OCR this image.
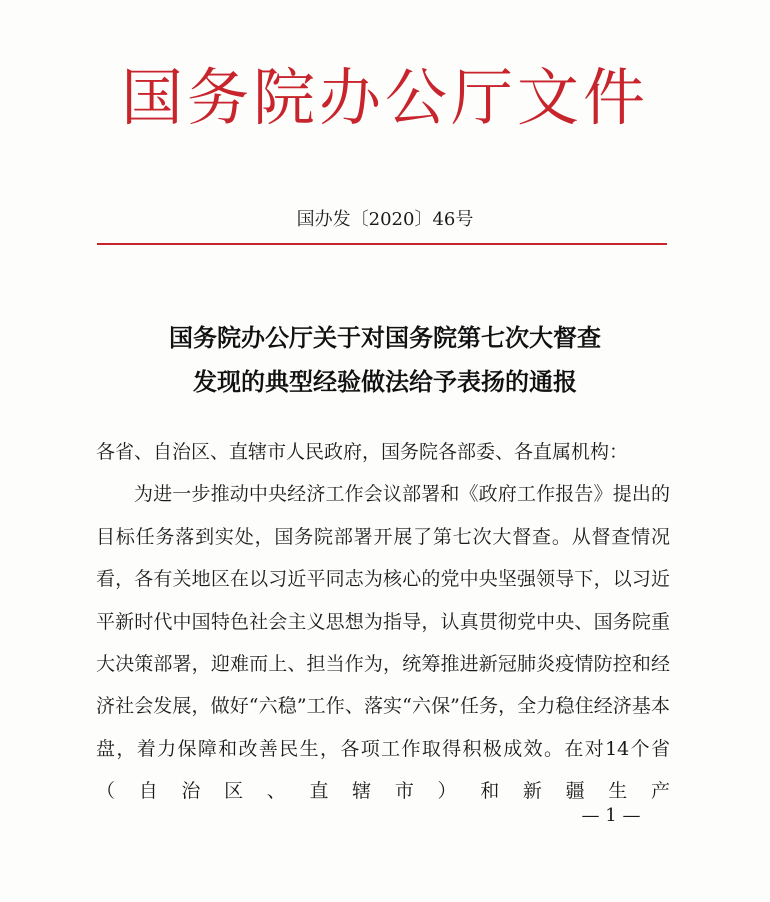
国务院办公厅文件
国办发〔2020〕46号
国务院办公厅关于对国务院第七次大督查
发现的典型经验做法给予表扬的通报

各省、自治区、直辖市人民政府，国务院各部委、各直属机构：

为进一步推动中央经济工作会议部署和《政府工作报告》提出的目标任务落到实处，国务院部署开展了第七次大督查。从督查情况看，各有关地区在以习近平同志为核心的党中央坚强领导下，以习近平新时代中国特色社会主义思想为指导，认真贯彻党中央、国务院重大决策部署，迎难而上、担当作为，统筹推进新冠肺炎疫情防控和经济社会发展，做好“六稳”工作、落实“六保”任务，全力稳住经济基本盘，着力保障和改善民生，各项工作取得积极成效。在对14个省（自治区、直辖市）和新疆生产

— 1 —
